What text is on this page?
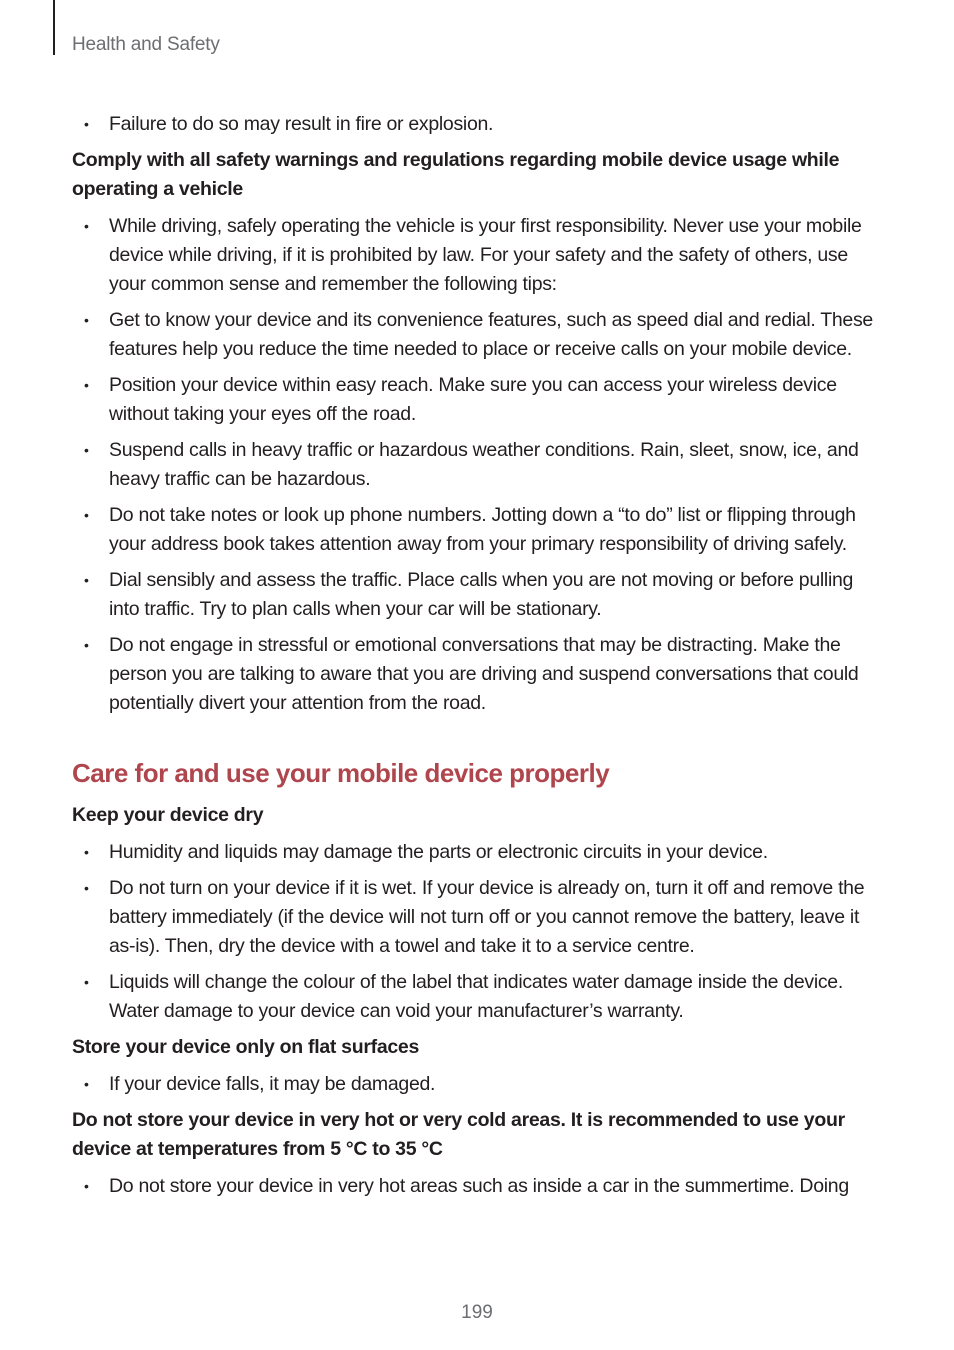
Health and Safety
• Failure to do so may result in fire or explosion.
Comply with all safety warnings and regulations regarding mobile device usage while operating a vehicle
• While driving, safely operating the vehicle is your first responsibility. Never use your mobile device while driving, if it is prohibited by law. For your safety and the safety of others, use your common sense and remember the following tips:
• Get to know your device and its convenience features, such as speed dial and redial. These features help you reduce the time needed to place or receive calls on your mobile device.
• Position your device within easy reach. Make sure you can access your wireless device without taking your eyes off the road.
• Suspend calls in heavy traffic or hazardous weather conditions. Rain, sleet, snow, ice, and heavy traffic can be hazardous.
• Do not take notes or look up phone numbers. Jotting down a “to do” list or flipping through your address book takes attention away from your primary responsibility of driving safely.
• Dial sensibly and assess the traffic. Place calls when you are not moving or before pulling into traffic. Try to plan calls when your car will be stationary.
• Do not engage in stressful or emotional conversations that may be distracting. Make the person you are talking to aware that you are driving and suspend conversations that could potentially divert your attention from the road.
Care for and use your mobile device properly
Keep your device dry
• Humidity and liquids may damage the parts or electronic circuits in your device.
• Do not turn on your device if it is wet. If your device is already on, turn it off and remove the battery immediately (if the device will not turn off or you cannot remove the battery, leave it as-is). Then, dry the device with a towel and take it to a service centre.
• Liquids will change the colour of the label that indicates water damage inside the device. Water damage to your device can void your manufacturer’s warranty.
Store your device only on flat surfaces
• If your device falls, it may be damaged.
Do not store your device in very hot or very cold areas. It is recommended to use your device at temperatures from 5 °C to 35 °C
• Do not store your device in very hot areas such as inside a car in the summertime. Doing
199
